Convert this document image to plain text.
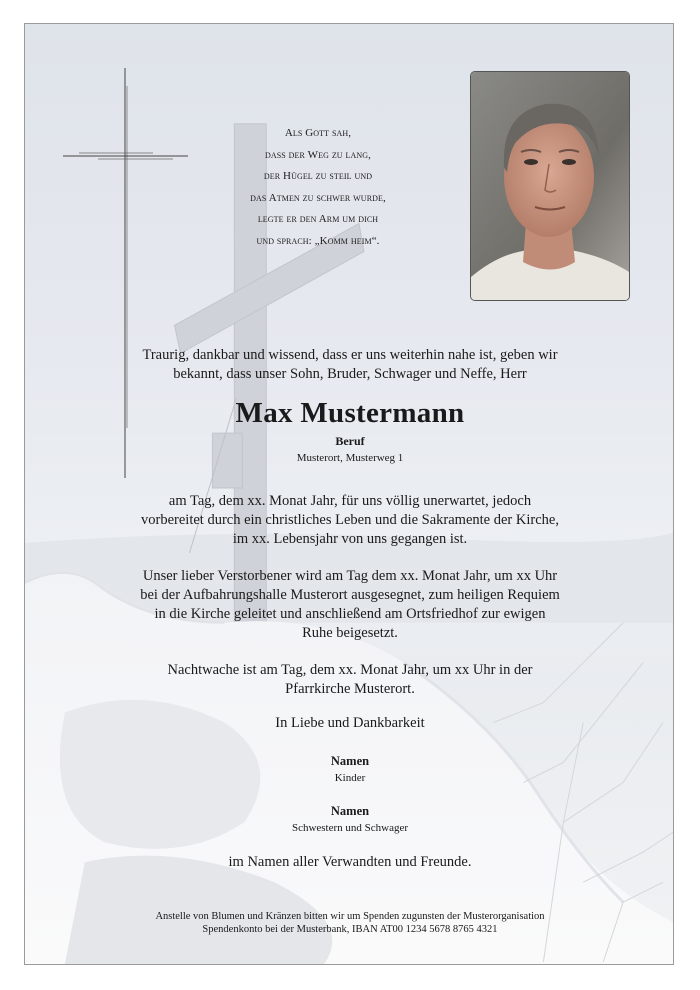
Als Gott sah,
dass der Weg zu lang,
der Hügel zu steil und
das Atmen zu schwer wurde,
legte er den Arm um dich
und sprach: „Komm heim“.
Traurig, dankbar und wissend, dass er uns weiterhin nahe ist, geben wir bekannt, dass unser Sohn, Bruder, Schwager und Neffe, Herr
Max Mustermann
Beruf
Musterort, Musterweg 1
am Tag, dem xx. Monat Jahr, für uns völlig unerwartet, jedoch vorbereitet durch ein christliches Leben und die Sakramente der Kirche, im xx. Lebensjahr von uns gegangen ist.
Unser lieber Verstorbener wird am Tag dem xx. Monat Jahr, um xx Uhr bei der Aufbahrungshalle Musterort ausgesegnet, zum heiligen Requiem in die Kirche geleitet und anschließend am Ortsfriedhof zur ewigen Ruhe beigesetzt.
Nachtwache ist am Tag, dem xx. Monat Jahr, um xx Uhr in der Pfarrkirche Musterort.
In Liebe und Dankbarkeit
Namen
Kinder
Namen
Schwestern und Schwager
im Namen aller Verwandten und Freunde.
Anstelle von Blumen und Kränzen bitten wir um Spenden zugunsten der Musterorganisation
Spendenkonto bei der Musterbank, IBAN AT00 1234 5678 8765 4321
